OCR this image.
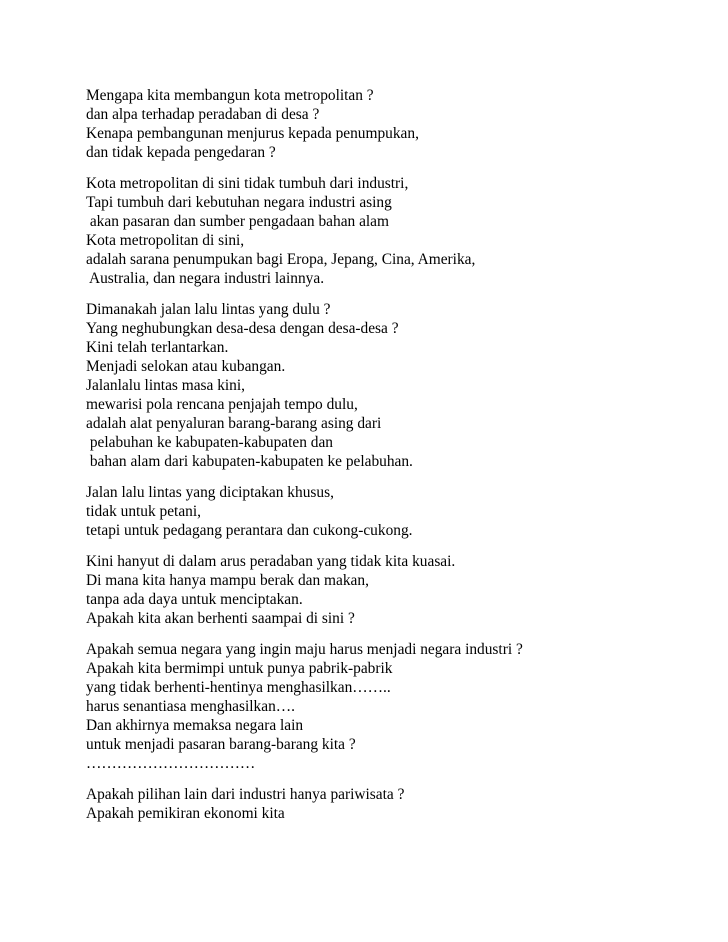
Mengapa kita membangun kota metropolitan ?
dan alpa terhadap peradaban di desa ?
Kenapa pembangunan menjurus kepada penumpukan,
dan tidak kepada pengedaran ?
Kota metropolitan di sini tidak tumbuh dari industri,
Tapi tumbuh dari kebutuhan negara industri asing
akan pasaran dan sumber pengadaan bahan alam
Kota metropolitan di sini,
adalah sarana penumpukan bagi Eropa, Jepang, Cina, Amerika,
Australia, dan negara industri lainnya.
Dimanakah jalan lalu lintas yang dulu ?
Yang neghubungkan desa-desa dengan desa-desa ?
Kini telah terlantarkan.
Menjadi selokan atau kubangan.
Jalanlalu lintas masa kini,
mewarisi pola rencana penjajah tempo dulu,
adalah alat penyaluran barang-barang asing dari
pelabuhan ke kabupaten-kabupaten dan
bahan alam dari kabupaten-kabupaten ke pelabuhan.
Jalan lalu lintas yang diciptakan khusus,
tidak untuk petani,
tetapi untuk pedagang perantara dan cukong-cukong.
Kini hanyut di dalam arus peradaban yang tidak kita kuasai.
Di mana kita hanya mampu berak dan makan,
tanpa ada daya untuk menciptakan.
Apakah kita akan berhenti saampai di sini ?
Apakah semua negara yang ingin maju harus menjadi negara industri ?
Apakah kita bermimpi untuk punya pabrik-pabrik
yang tidak berhenti-hentinya menghasilkan……..
harus senantiasa menghasilkan….
Dan akhirnya memaksa negara lain
untuk menjadi pasaran barang-barang kita ?
……………………………
Apakah pilihan lain dari industri hanya pariwisata ?
Apakah pemikiran ekonomi kita
